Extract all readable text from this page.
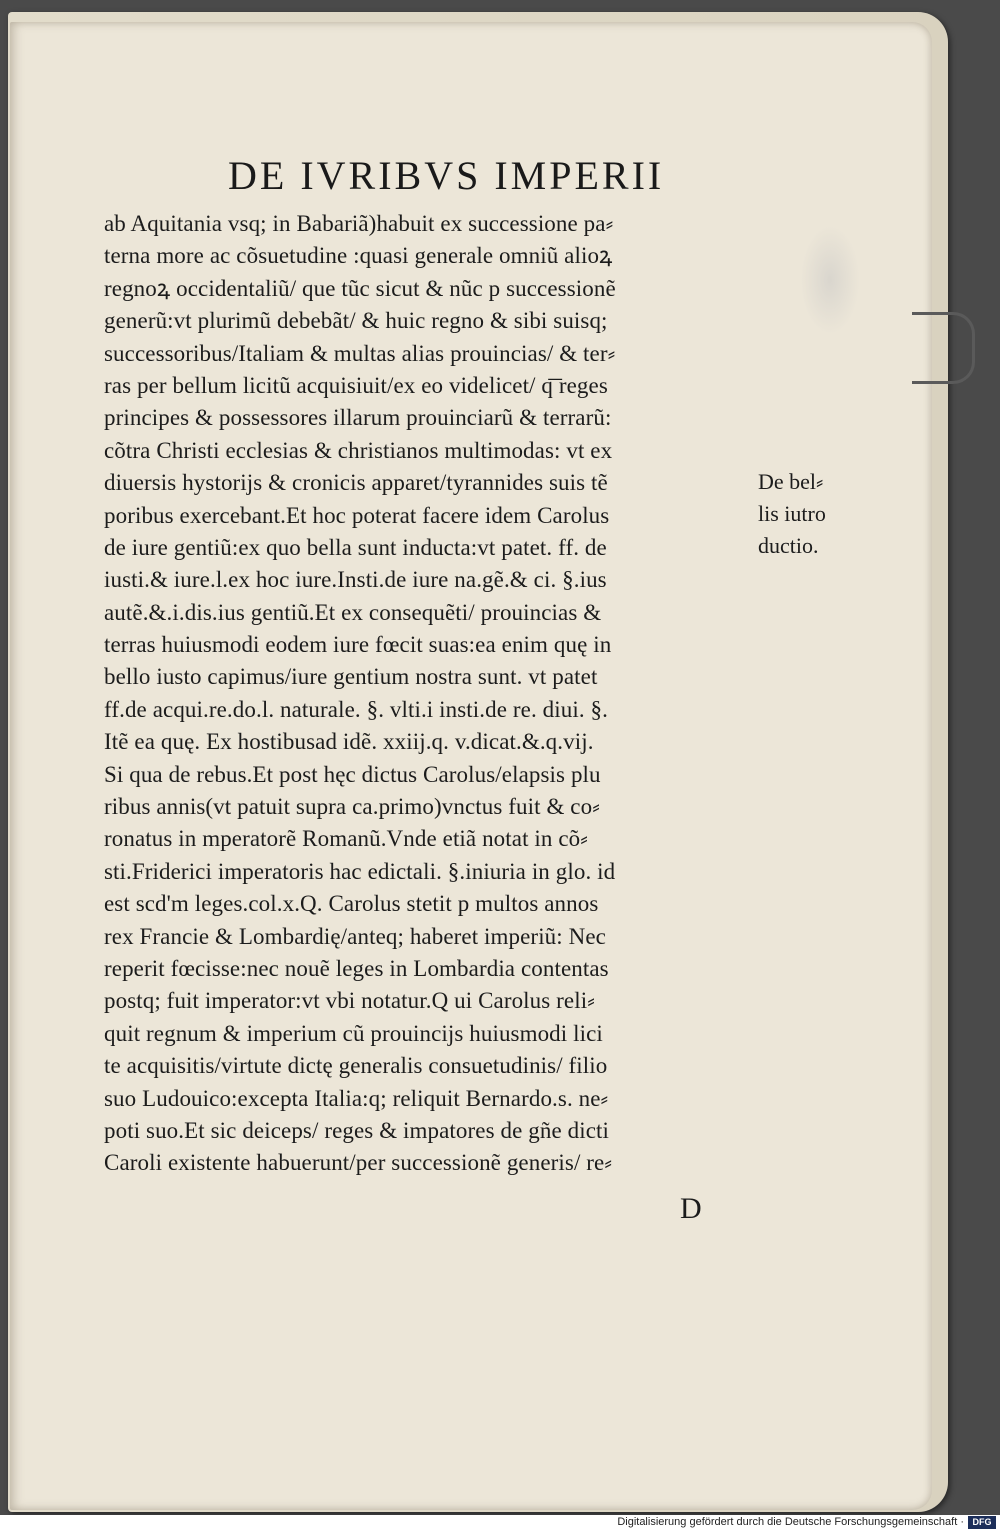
DE IVRIBVS IMPERII
ab Aquitania vsq; in Babariã)habuit ex successione pa⸗
terna more ac cõsuetudine :quasi generale omniũ alioꝝ
regnoꝝ occidentaliũ/ que tũc sicut & nũc p successionẽ
generũ:vt plurimũ debebãt/ & huic regno & sibi suisq;
successoribus/Italiam & multas alias prouincias/ & ter⸗
ras per bellum licitũ acquisiuit/ex eo videlicet/ q͞ reges
principes & possessores illarum prouinciarũ & terrarũ:
cõtra Christi ecclesias & christianos multimodas: vt ex
diuersis hystorijs & cronicis apparet/tyrannides suis tẽ
poribus exercebant.Et hoc poterat facere idem Carolus
de iure gentiũ:ex quo bella sunt inducta:vt patet. ff. de
iusti.& iure.l.ex hoc iure.Insti.de iure na.gẽ.& ci. §.ius
autẽ.&.i.dis.ius gentiũ.Et ex consequẽti/ prouincias &
terras huiusmodi eodem iure fœcit suas:ea enim quę in
bello iusto capimus/iure gentium nostra sunt. vt patet
ff.de acqui.re.do.l. naturale. §. vlti.i insti.de re. diui. §.
Itẽ ea quę. Ex hostibusad idẽ. xxiij.q. v.dicat.&.q.vij.
Si qua de rebus.Et post hęc dictus Carolus/elapsis plu
ribus annis(vt patuit supra ca.primo)vnctus fuit & co⸗
ronatus in mperatorẽ Romanũ.Vnde etiã notat in cõ⸗
sti.Friderici imperatoris hac edictali. §.iniuria in glo. id
est scd'm leges.col.x.Q. Carolus stetit p multos annos
rex Francie & Lombardię/anteq; haberet imperiũ: Nec
reperit fœcisse:nec nouẽ leges in Lombardia contentas
postq; fuit imperator:vt vbi notatur.Q ui Carolus reli⸗
quit regnum & imperium cũ prouincijs huiusmodi lici
te acquisitis/virtute dictę generalis consuetudinis/ filio
suo Ludouico:excepta Italia:q; reliquit Bernardo.s. ne⸗
poti suo.Et sic deiceps/ reges & impatores de gñe dicti
Caroli existente habuerunt/per successionẽ generis/ re⸗
De bel⸗
lis iutro
ductio.
D
Digitalisierung gefördert durch die Deutsche Forschungsgemeinschaft · DFG
